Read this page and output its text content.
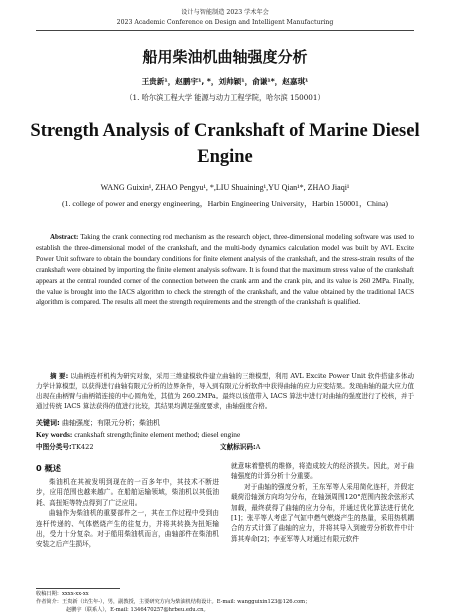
设计与智能制造 2023 学术年会
2023 Academic Conference on Design and Intelligent Manufacturing
船用柴油机曲轴强度分析
王贵新¹，赵鹏宇¹, *，刘帅颖¹，俞谦¹*，赵嘉琪¹
（1. 哈尔滨工程大学 能源与动力工程学院，哈尔滨 150001）
Strength Analysis of Crankshaft of Marine Diesel Engine
WANG Guixin¹, ZHAO Pengyu¹, *,LIU Shuaining¹,YU Qian¹*, ZHAO Jiaqi¹
(1. college of power and energy engineering，Harbin Engineering University，Harbin 150001，China)
Abstract: Taking the crank connecting rod mechanism as the research object, three-dimensional modeling software was used to establish the three-dimensional model of the crankshaft, and the multi-body dynamics calculation model was built by AVL Excite Power Unit software to obtain the boundary conditions for finite element analysis of the crankshaft, and the stress-strain results of the crankshaft were obtained by importing the finite element analysis software. It is found that the maximum stress value of the crankshaft appears at the central rounded corner of the connection between the crank arm and the crank pin, and its value is 260 2MPa. Finally, the value is brought into the IACS algorithm to check the strength of the crankshaft, and the value obtained by the traditional IACS algorithm is compared. The results all meet the strength requirements and the strength of the crankshaft is qualified.
摘 要: 以曲柄连杆机构为研究对象，采用三维建模软件建立曲轴的三维模型，利用 AVL Excite Power Unit 软件搭建多体动力学计算模型，以获得进行曲轴有限元分析的边界条件，导入到有限元分析软件中获得曲轴的应力应变结果。发现曲轴的最大应力值出现在曲柄臂与曲柄销连接的中心圆角处，其值为 260.2MPa。最终以该值带入 IACS 算法中进行对曲轴的强度进行了校核，并于通过传统 IACS 算法获得的值进行比较，其结果均满足强度要求，曲轴强度合格。
关键词: 曲轴强度；有限元分析；柴油机
Key words: crankshaft strength;finite element method; diesel engine
中图分类号:TK422	文献标识码:A
0 概述

柴油机在其被发明到现在的一百多年中，其技术不断进步，应用范围也越来越广。在船舶运输领域，柴油机以其低油耗、高扭矩等特点得到了广泛应用。

曲轴作为柴油机的重要部件之一，其在工作过程中受到由连杆传递的、气体燃烧产生的往复力，并将其转换为扭矩输出，受力十分复杂。对于船用柴油机而言，曲轴部件在柴油机安装之后产生损坏，

就意味着整机的维修，将造成较大的经济损失。因此，对于曲轴强度的计算分析十分重要。

对于曲轴的强度分析，王东军等人采用简化连杆，并假定载荷沿轴颈方向均匀分布，在轴颈周围120°范围内按余弦形式加载，最终获得了曲轴的应力分布，并通过优化算法进行优化[1]；张平等人考虑了气缸中燃气燃烧产生的热量，采用热机耦合的方式计算了曲轴的应力，并将其导入到疲劳分析软件中计算其寿命[2]；李亚军等人对通过有限元软件

收稿日期：xxxx-xx-xx
作者简介：王贵新（出生年-），男，副教授，主要研究方向为柴油机结构设计。E-mail: wangguixin123@126.com；
赵鹏宇（联系人），E-mail: 1346470257@hrbeu.edu.cn。
